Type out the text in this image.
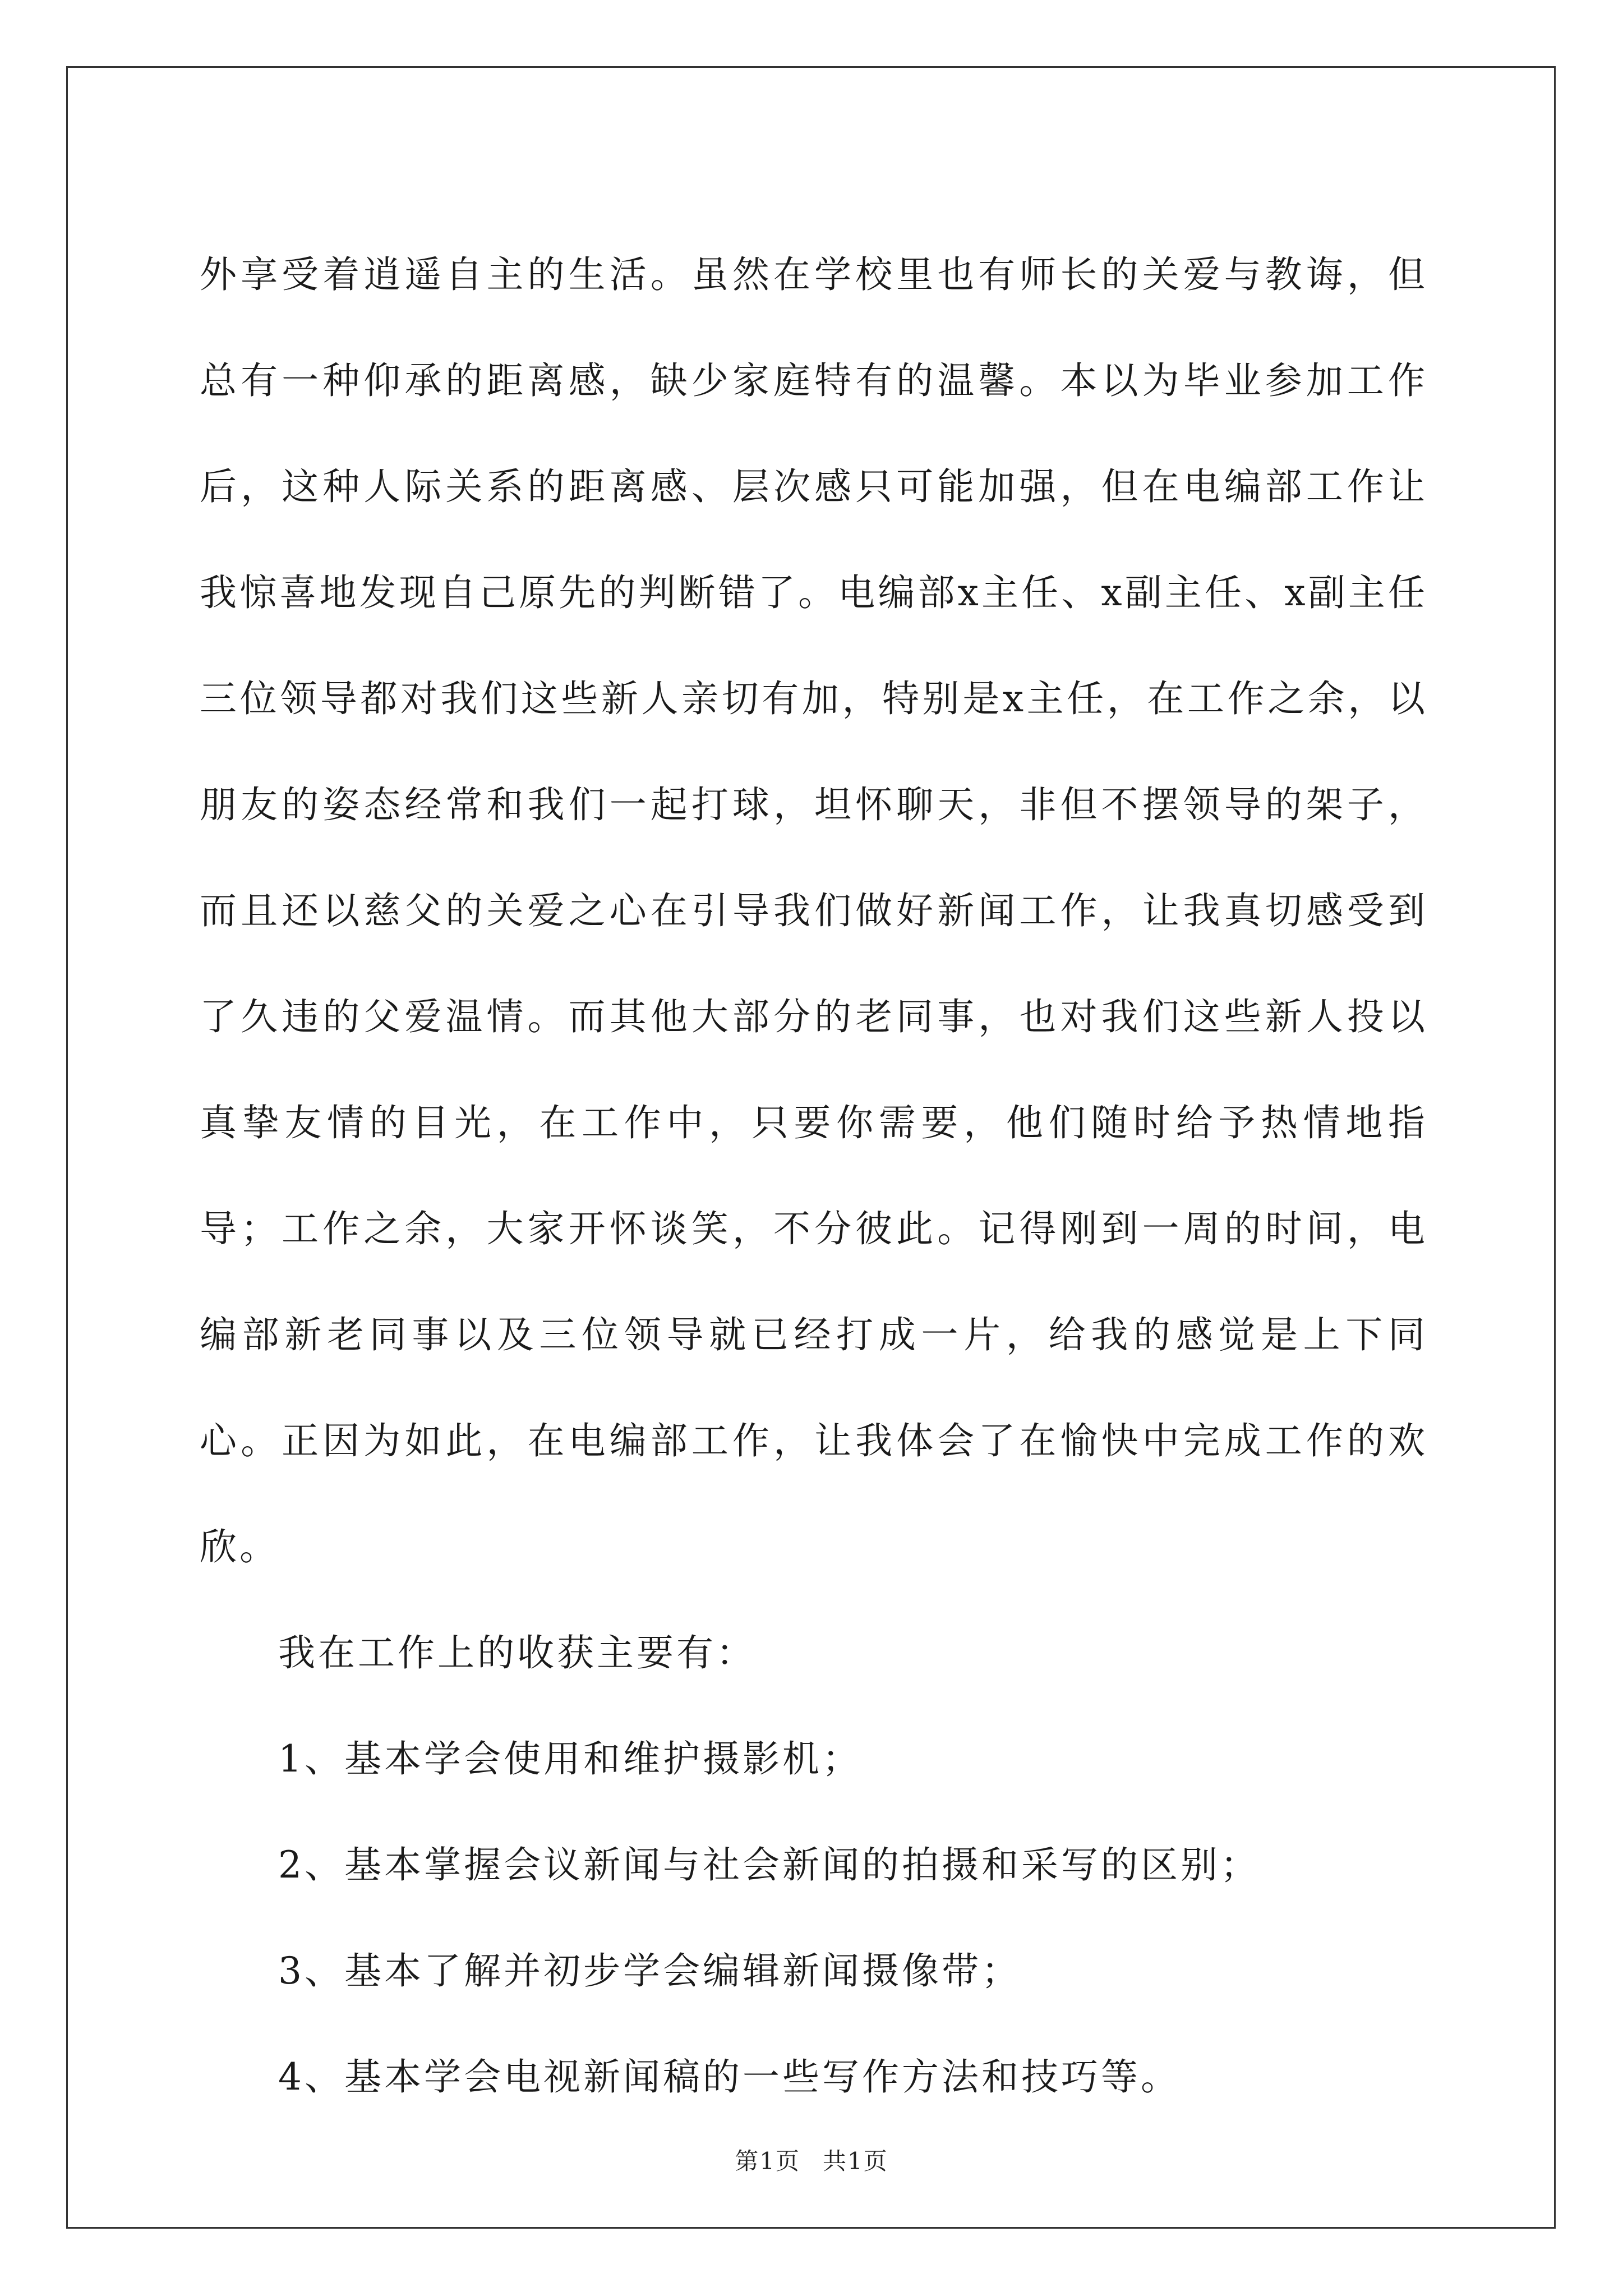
外享受着逍遥自主的生活。虽然在学校里也有师长的关爱与教诲，但总有一种仰承的距离感，缺少家庭特有的温馨。本以为毕业参加工作后，这种人际关系的距离感、层次感只可能加强，但在电编部工作让我惊喜地发现自己原先的判断错了。电编部x主任、x副主任、x副主任三位领导都对我们这些新人亲切有加，特别是x主任，在工作之余，以朋友的姿态经常和我们一起打球，坦怀聊天，非但不摆领导的架子，而且还以慈父的关爱之心在引导我们做好新闻工作，让我真切感受到了久违的父爱温情。而其他大部分的老同事，也对我们这些新人投以真挚友情的目光，在工作中，只要你需要，他们随时给予热情地指导；工作之余，大家开怀谈笑，不分彼此。记得刚到一周的时间，电编部新老同事以及三位领导就已经打成一片，给我的感觉是上下同心。正因为如此，在电编部工作，让我体会了在愉快中完成工作的欢欣。

我在工作上的收获主要有：

1、基本学会使用和维护摄影机；

2、基本掌握会议新闻与社会新闻的拍摄和采写的区别；

3、基本了解并初步学会编辑新闻摄像带；

4、基本学会电视新闻稿的一些写作方法和技巧等。

第1页 共1页
